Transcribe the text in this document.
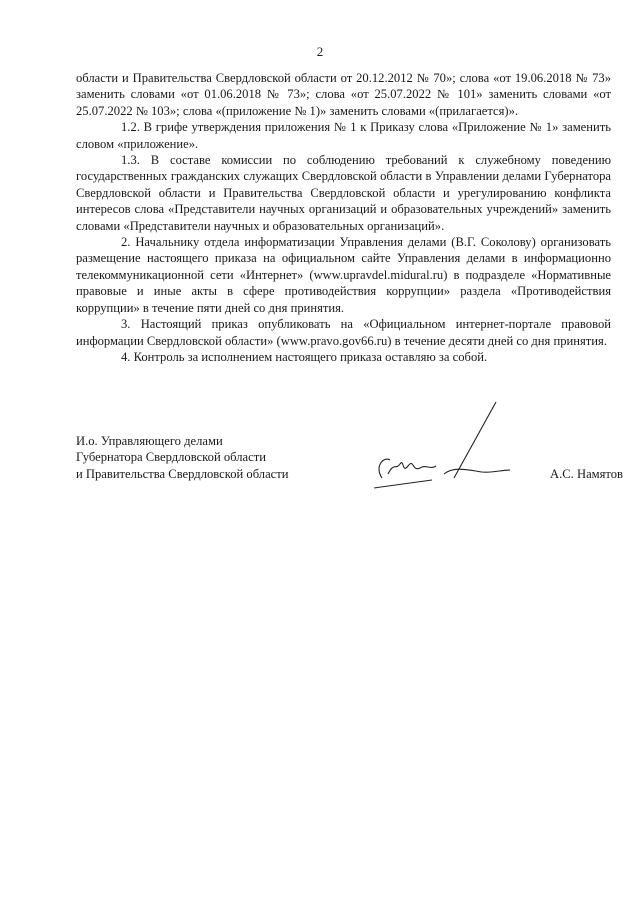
2

области и Правительства Свердловской области от 20.12.2012 № 70»; слова «от 19.06.2018 № 73» заменить словами «от 01.06.2018 № 73»; слова «от 25.07.2022 № 101» заменить словами «от 25.07.2022 № 103»; слова «(приложение № 1)» заменить словами «(прилагается)».

1.2. В грифе утверждения приложения № 1 к Приказу слова «Приложение № 1» заменить словом «приложение».

1.3. В составе комиссии по соблюдению требований к служебному поведению государственных гражданских служащих Свердловской области в Управлении делами Губернатора Свердловской области и Правительства Свердловской области и урегулированию конфликта интересов слова «Представители научных организаций и образовательных учреждений» заменить словами «Представители научных и образовательных организаций».

2. Начальнику отдела информатизации Управления делами (В.Г. Соколову) организовать размещение настоящего приказа на официальном сайте Управления делами в информационно телекоммуникационной сети «Интернет» (www.upravdel.midural.ru) в подразделе «Нормативные правовые и иные акты в сфере противодействия коррупции» раздела «Противодействия коррупции» в течение пяти дней со дня принятия.

3. Настоящий приказ опубликовать на «Официальном интернет-портале правовой информации Свердловской области» (www.pravo.gov66.ru) в течение десяти дней со дня принятия.

4. Контроль за исполнением настоящего приказа оставляю за собой.

И.о. Управляющего делами
Губернатора Свердловской области
и Правительства Свердловской области	А.С. Намятов
